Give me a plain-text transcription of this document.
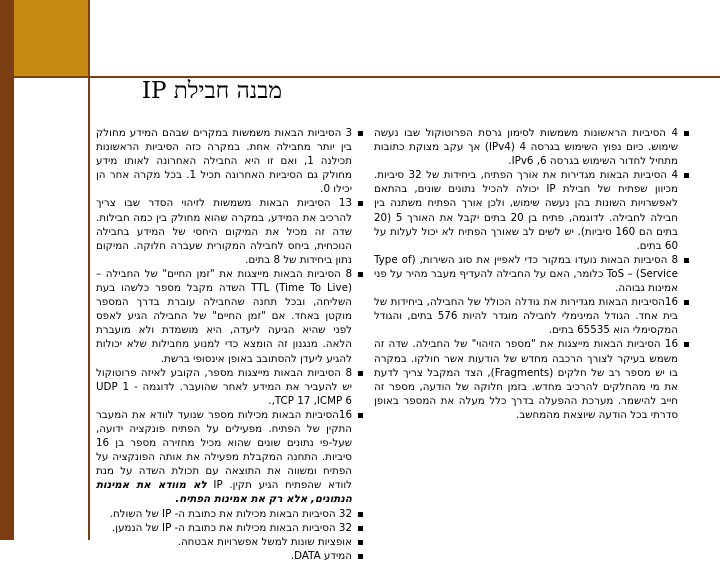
מבנה חבילת IP
4 הסיביות הראשונות משמשות לסימון גרסת הפרוטוקול שבו נעשה שימוש. כיום נפוץ השימוש בגרסה 4 (IPv4) אך עקב מצוקת כתובות מתחיל לחדור השימוש בגרסה 6, IPv6.
4 הסיביות הבאות מגדירות את אורך הפתיח, ביחידות של 32 סיביות. מכיוון שפתיח של חבילת IP יכולה להכיל נתונים שונים, בהתאם לאפשרויות השונות בהן נעשה שימוש, ולכן אורך הפתיח משתנה בין חבילה לחבילה. לדוגמה, פתיח בן 20 בתים יקבל את האורך 5 (20 בתים הם 160 סיביות). יש לשים לב שאורך הפתיח לא יכול לעלות על 60 בתים.
8 הסיביות הבאות נועדו במקור כדי לאפיין את סוג השירות, (Type of Service) – ToS כלומר, האם על החבילה להעדיף מעבר מהיר על פני אמינות גבוהה.
16הסיביות הבאות מגדירות את גודלה הכולל של החבילה, ביחידות של בית אחד. הגודל המינימלי לחבילה מוגדר להיות 576 בתים, והגודל המקסימלי הוא 65535 בתים.
16 הסיביות הבאות מייצגות את "מספר הזיהוי" של החבילה. שדה זה משמש בעיקר לצורך הרכבה מחדש של הודעות אשר חולקו. במקרה בו יש מספר רב של חלקים (Fragments), הצד המקבל צריך לדעת את מי מהחלקים להרכיב מחדש. בזמן חלוקה של הודעה, מספר זה חייב להישמר. מערכת ההפעלה בדרך כלל מעלה את המספר באופן סדרתי בכל הודעה שיוצאת מהמחשב.
3 הסיביות הבאות משמשות במקרים שבהם המידע מחולק בין יותר מחבילה אחת. במקרה כזה הסיביות הראשונות תכילנה 1, ואם זו היא החבילה האחרונה לאותו מידע מחולק גם הסיביות האחרונה תכיל 1. בכל מקרה אחר הן יכילו 0.
13 הסיביות הבאות משמשות לזיהוי הסדר שבו צריך להרכיב את המידע, במקרה שהוא מחולק בין כמה חבילות. שדה זה מכיל את המיקום היחסי של המידע בחבילה הנוכחית, ביחס לחבילה המקורית שעברה חלוקה. המיקום נתון ביחידות של 8 בתים.
8 הסיביות הבאות מייצגות את "זמן החיים" של החבילה – TTL (Time To Live) השדה מקבל מספר כלשהו בעת השליחה, ובכל תחנה שהחבילה עוברת בדרך המספר מוקטן באחד. אם "זמן החיים" של החבילה הגיע לאפס לפני שהיא הגיעה ליעדה, היא מושמדת ולא מועברת הלאה. מנגנון זה הומצא כדי למנוע מחבילות שלא יכולות להגיע ליעדן להסתובב באופן אינסופי ברשת.
8 הסיביות הבאות מייצגות מספר, הקובע לאיזה פרוטוקול יש להעביר את המידע לאחר שהועבר. לדוגמה - UDP 1 ,TCP 17 ,ICMP 6.
16הסיביות הבאות מכילות מספר שנועד לוודא את המעבר התקין של הפתיח. מפעילים על הפתיח פונקציה ידועה, שעל-פי נתונים שונים שהוא מכיל מחזירה מספר בן 16 סיביות. התחנה המקבלת מפעילה את אותה הפונקציה על הפתיח ומשווה את התוצאה עם תכולת השדה על מנת לוודא שהפתיח הגיע תקין. IP לא מוודא את אמינות הנתונים, אלא רק את אמינות הפתיח.
32 הסיביות הבאות מכילות את כתובת ה- IP של השולח.
32 הסיביות הבאות מכילות את כתובת ה- IP של הנמען.
אופציות שונות למשל אפשרויות אבטחה.
המידע DATA.
